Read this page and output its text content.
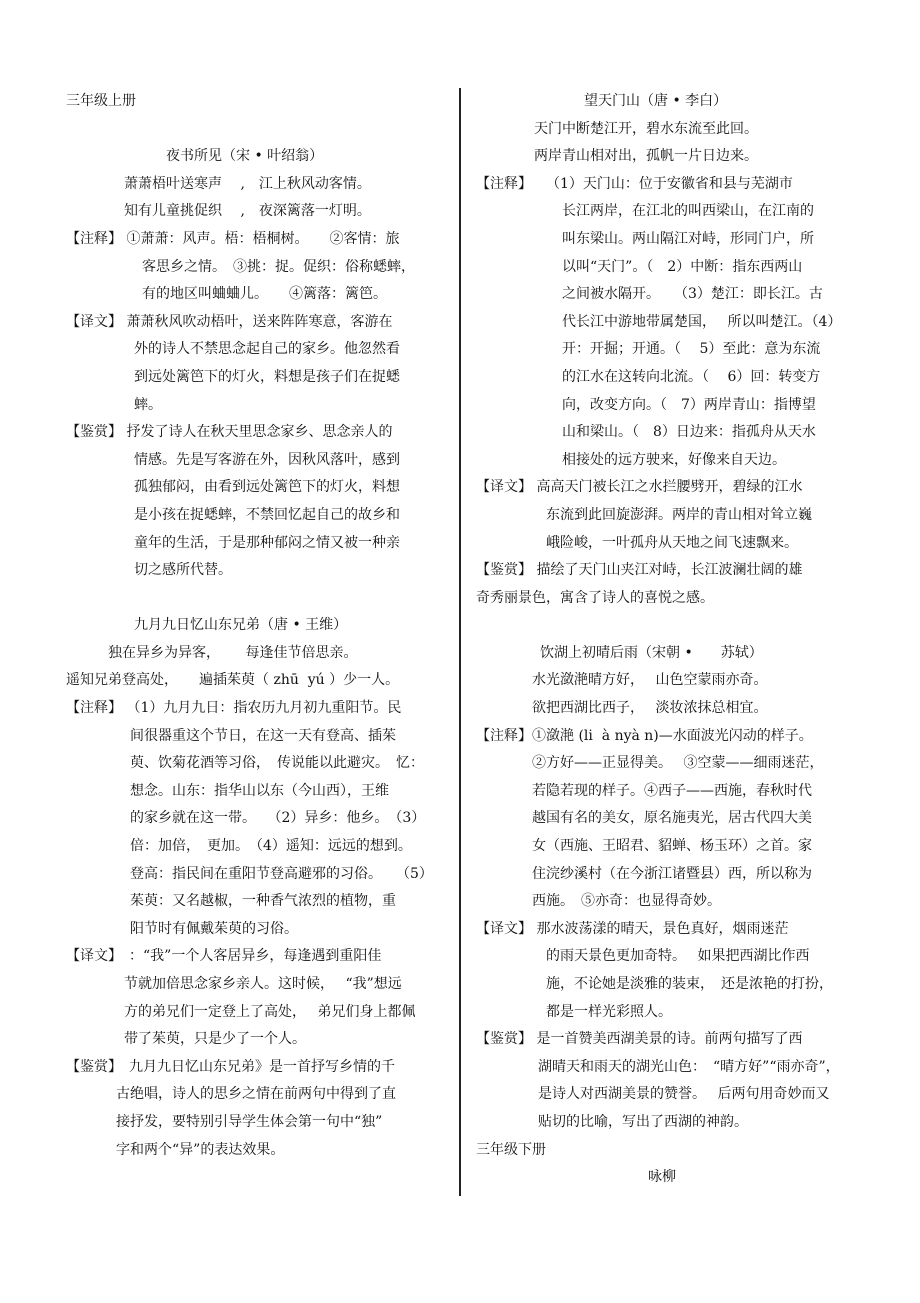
三年级上册
夜书所见（宋 • 叶绍翁）
萧萧梧叶送寒声　 ,　江上秋风动客情。
知有儿童挑促织　 ,　夜深篱落一灯明。
【注释】 ①萧萧：风声。梧：梧桐树。　　②客情：旅
客思乡之情。　③挑：捉。促织：俗称蟋蟀，
有的地区叫蛐蛐儿。　　④篱落：篱笆。
【译文】 萧萧秋风吹动梧叶，送来阵阵寒意，客游在
外的诗人不禁思念起自己的家乡。他忽然看
到远处篱笆下的灯火，料想是孩子们在捉蟋
蟀。
【鉴赏】 抒发了诗人在秋天里思念家乡、思念亲人的
情感。先是写客游在外，因秋风落叶，感到
孤独郁闷，由看到远处篱笆下的灯火，料想
是小孩在捉蟋蟀，不禁回忆起自己的故乡和
童年的生活，于是那种郁闷之情又被一种亲
切之感所代替。
九月九日忆山东兄弟（唐 • 王维）
独在异乡为异客，　　 每逢佳节倍思亲。
遥知兄弟登高处，　　遍插茱萸（ zhū  yú ）少一人。
【注释】 （1）九月九日：指农历九月初九重阳节。民
间很器重这个节日，在这一天有登高、插茱
萸、饮菊花酒等习俗，　传说能以此避灾。　忆：
想念。山东：指华山以东（今山西），王维
的家乡就在这一带。　 （2）异乡：他乡。　（3）
倍：加倍，　更加。　（4）遥知：远远的想到。
登高：指民间在重阳节登高避邪的习俗。　　（5）
茱萸：又名越椒，一种香气浓烈的植物，重
阳节时有佩戴茱萸的习俗。
【译文】　：“我”一个人客居异乡，每逢遇到重阳佳
节就加倍思念家乡亲人。这时候，　 “我”想远
方的弟兄们一定登上了高处，　 弟兄们身上都佩
带了茱萸，只是少了一个人。
【鉴赏】　九月九日忆山东兄弟》是一首抒写乡情的千
古绝唱，诗人的思乡之情在前两句中得到了直
接抒发，要特别引导学生体会第一句中“独”
字和两个“异”的表达效果。
望天门山（唐 • 李白）
天门中断楚江开，碧水东流至此回。
两岸青山相对出，孤帆一片日边来。
【注释】　　（1）天门山：位于安徽省和县与芜湖市
长江两岸，在江北的叫西梁山，在江南的
叫东梁山。两山隔江对峙，形同门户，所
以叫“天门”。（　2）中断：指东西两山
之间被水隔开。　　（3）楚江：即长江。古
代长江中游地带属楚国，　 所以叫楚江。（4）
开：开掘；开通。（　 5）至此：意为东流
的江水在这转向北流。（　 6）回：转变方
向，改变方向。（　7）两岸青山：指博望
山和梁山。（　8）日边来：指孤舟从天水
相接处的远方驶来，好像来自天边。
【译文】 高高天门被长江之水拦腰劈开，碧绿的江水
东流到此回旋澎湃。两岸的青山相对耸立巍
峨险峻，一叶孤舟从天地之间飞速飘来。
【鉴赏】 描绘了天门山夹江对峙，长江波澜壮阔的雄
奇秀丽景色，寓含了诗人的喜悦之感。
饮湖上初晴后雨（宋朝 •　　苏轼）
水光潋滟晴方好，　 山色空蒙雨亦奇。
欲把西湖比西子，　 淡妆浓抹总相宜。
【注释】①潋滟 (li  à nyà n)—水面波光闪动的样子。
②方好——正显得美。　 ③空蒙——细雨迷茫，
若隐若现的样子。④西子——西施，春秋时代
越国有名的美女，原名施夷光，居古代四大美
女（西施、王昭君、貂蝉、杨玉环）之首。家
住浣纱溪村（在今浙江诸暨县）西，所以称为
西施。　⑤亦奇：也显得奇妙。
【译文】 那水波荡漾的晴天，景色真好，烟雨迷茫
的雨天景色更加奇特。　 如果把西湖比作西
施，不论她是淡雅的装束，　还是浓艳的打扮，
都是一样光彩照人。
【鉴赏】 是一首赞美西湖美景的诗。前两句描写了西
湖晴天和雨天的湖光山色：　“晴方好”“雨亦奇”，
是诗人对西湖美景的赞誉。　 后两句用奇妙而又
贴切的比喻，写出了西湖的神韵。
三年级下册
咏柳
